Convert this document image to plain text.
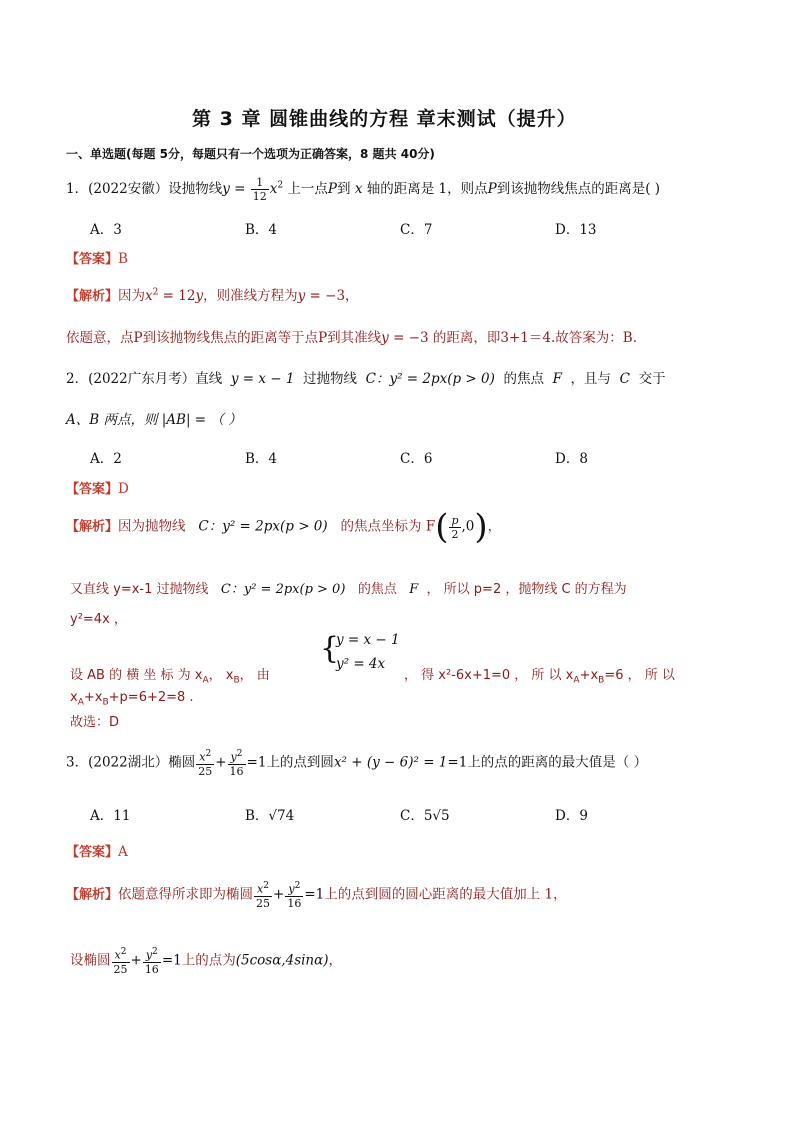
第 3 章 圆锥曲线的方程 章末测试（提升）
一、单选题(每题 5分，每题只有一个选项为正确答案，8 题共 40分)
1．(2022安徽）设抛物线$y = \frac{1}{12} x^2$ 上一点P到 x 轴的距离是 1，则点P到该抛物线焦点的距离是( )
A．3	B．4	C．7	D．13
【答案】B
【解析】因为$x^2 = 12y$，则准线方程为y = −3，
依题意，点P到该抛物线焦点的距离等于点P到其准线y = −3 的距离，即3+1＝4.故答案为：B.
2．(2022广东月考）直线 y = x − 1 过抛物线 C：y² = 2px(p > 0) 的焦点 F ，且与 C 交于
A、B 两点，则 |AB| = （ ）
A．2	B．4	C．6	D．8
【答案】D
【解析】因为抛物线 C：y² = 2px(p > 0) 的焦点坐标为 $F( \frac{p}{2} ,0)$，
又直线 y=x-1 过抛物线 C：y² = 2px(p > 0) 的焦点 F ， 所以 p=2 ，抛物线 C 的方程为
y²=4x ，
{
y = x − 1
y² = 4x
设 AB 的 横 坐 标 为 $x_A$， $x_B$， 由	， 得 x²-6x+1=0 ， 所 以 $x_A+x_B=6$ ， 所 以
$x_A+x_B+p=6+2=8$ .
故选：D
3．(2022湖北）椭圆 $\frac{x^2}{25} + \frac{y^2}{16} =1$上的点到圆x² + (y − 6)² = 1=1上的点的距离的最大值是（ ）
A．11	B．√74	C．5√5	D．9
【答案】A
【解析】依题意得所求即为椭圆 $\frac{x^2}{25} + \frac{y^2}{16} =1$上的点到圆的圆心距离的最大值加上 1，
设椭圆 $\frac{x^2}{25} + \frac{y^2}{16} =1$上的点为(5cosα,4sinα)，
